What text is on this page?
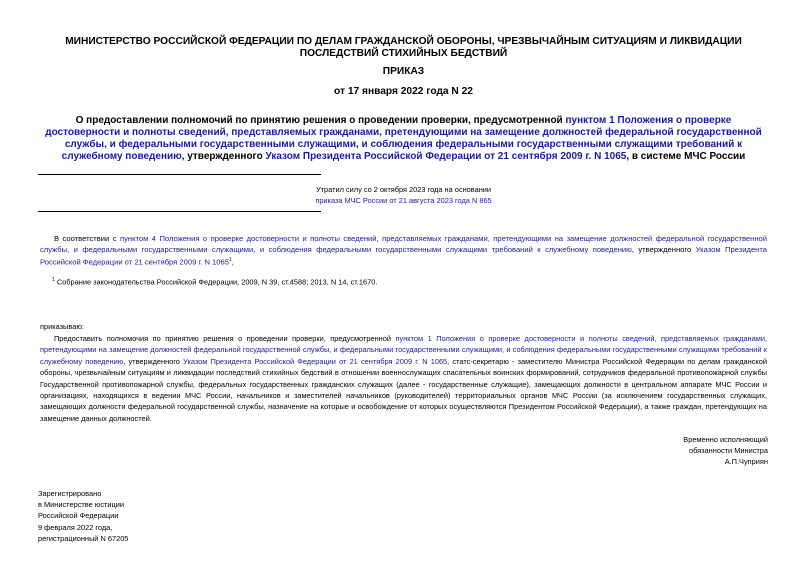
МИНИСТЕРСТВО РОССИЙСКОЙ ФЕДЕРАЦИИ ПО ДЕЛАМ ГРАЖДАНСКОЙ ОБОРОНЫ, ЧРЕЗВЫЧАЙНЫМ СИТУАЦИЯМ И ЛИКВИДАЦИИ ПОСЛЕДСТВИЙ СТИХИЙНЫХ БЕДСТВИЙ
ПРИКАЗ
от 17 января 2022 года N 22
О предоставлении полномочий по принятию решения о проведении проверки, предусмотренной пунктом 1 Положения о проверке достоверности и полноты сведений, представляемых гражданами, претендующими на замещение должностей федеральной государственной службы, и федеральными государственными служащими, и соблюдения федеральными государственными служащими требований к служебному поведению, утвержденного Указом Президента Российской Федерации от 21 сентября 2009 г. N 1065, в системе МЧС России
Утратил силу со 2 октября 2023 года на основании
приказа МЧС России от 21 августа 2023 года N 865
В соответствии с пунктом 4 Положения о проверке достоверности и полноты сведений, представляемых гражданами, претендующими на замещение должностей федеральной государственной службы, и федеральными государственными служащими, и соблюдения федеральными государственными служащими требований к служебному поведению, утвержденного Указом Президента Российской Федерации от 21 сентября 2009 г. N 1065$^1$,
$^1$ Собрание законодательства Российской Федерации, 2009, N 39, ст.4588; 2013, N 14, ст.1670.
приказываю:
Предоставить полномочия по принятию решения о проведении проверки, предусмотренной пунктом 1 Положения о проверке достоверности и полноты сведений, представляемых гражданами, претендующими на замещение должностей федеральной государственной службы, и федеральными государственными служащими, и соблюдения федеральными государственными служащими требований к служебному поведению, утвержденного Указом Президента Российской Федерации от 21 сентября 2009 г. N 1065, статс-секретарю - заместителю Министра Российской Федерации по делам гражданской обороны, чрезвычайным ситуациям и ликвидации последствий стихийных бедствий в отношении военнослужащих спасательных воинских формирований, сотрудников федеральной противопожарной службы Государственной противопожарной службы, федеральных государственных гражданских служащих (далее - государственные служащие), замещающих должности в центральном аппарате МЧС России и организациях, находящихся в ведении МЧС России, начальников и заместителей начальников (руководителей) территориальных органов МЧС России (за исключением государственных служащих, замещающих должности федеральной государственной службы, назначение на которые и освобождение от которых осуществляются Президентом Российской Федерации), а также граждан, претендующих на замещение данных должностей.
Временно исполняющий
обязанности Министра
А.П.Чуприян
Зарегистрировано
в Министерстве юстиции
Российской Федерации
9 февраля 2022 года,
регистрационный N 67205
